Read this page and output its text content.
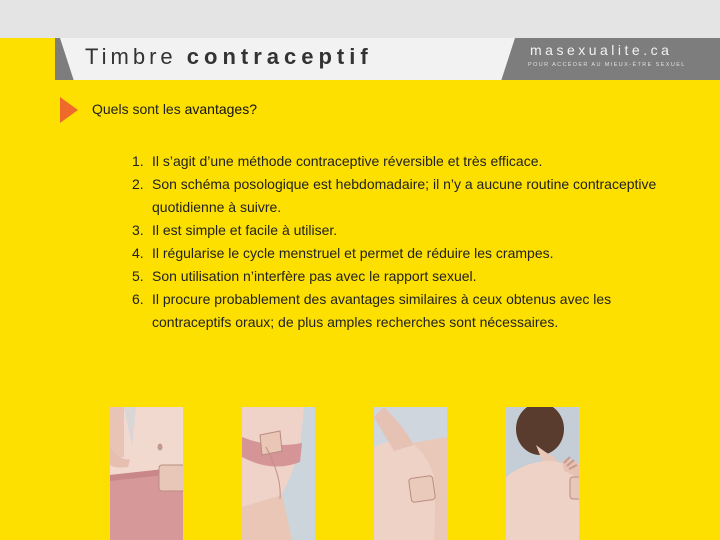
Timbre contraceptif	masexualite.ca
POUR ACCÉDER AU MIEUX-ÊTRE SEXUEL
Quels sont les avantages?
1. Il s’agit d’une méthode contraceptive réversible et très efficace.
2. Son schéma posologique est hebdomadaire; il n’y a aucune routine contraceptive quotidienne à suivre.
3. Il est simple et facile à utiliser.
4. Il régularise le cycle menstruel et permet de réduire les crampes.
5. Son utilisation n’interfère pas avec le rapport sexuel.
6. Il procure probablement des avantages similaires à ceux obtenus avec les contraceptifs oraux; de plus amples recherches sont nécessaires.
